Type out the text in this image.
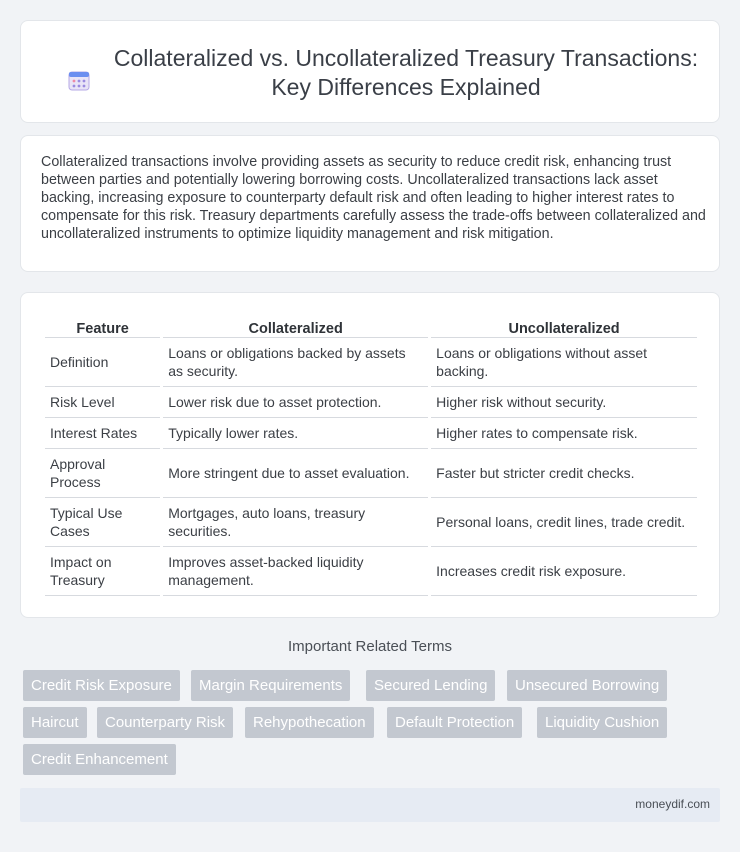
Collateralized vs. Uncollateralized Treasury Transactions:
Key Differences Explained

Collateralized transactions involve providing assets as security to reduce credit risk, enhancing trust between parties and potentially lowering borrowing costs. Uncollateralized transactions lack asset backing, increasing exposure to counterparty default risk and often leading to higher interest rates to compensate for this risk. Treasury departments carefully assess the trade-offs between collateralized and uncollateralized instruments to optimize liquidity management and risk mitigation.

Feature	Collateralized	Uncollateralized
Definition	Loans or obligations backed by assets as security.	Loans or obligations without asset backing.
Risk Level	Lower risk due to asset protection.	Higher risk without security.
Interest Rates	Typically lower rates.	Higher rates to compensate risk.
Approval Process	More stringent due to asset evaluation.	Faster but stricter credit checks.
Typical Use Cases	Mortgages, auto loans, treasury securities.	Personal loans, credit lines, trade credit.
Impact on Treasury	Improves asset-backed liquidity management.	Increases credit risk exposure.
Important Related Terms
Credit Risk Exposure	Margin Requirements	Secured Lending	Unsecured Borrowing
Haircut	Counterparty Risk	Rehypothecation	Default Protection	Liquidity Cushion
Credit Enhancement
moneydif.com
